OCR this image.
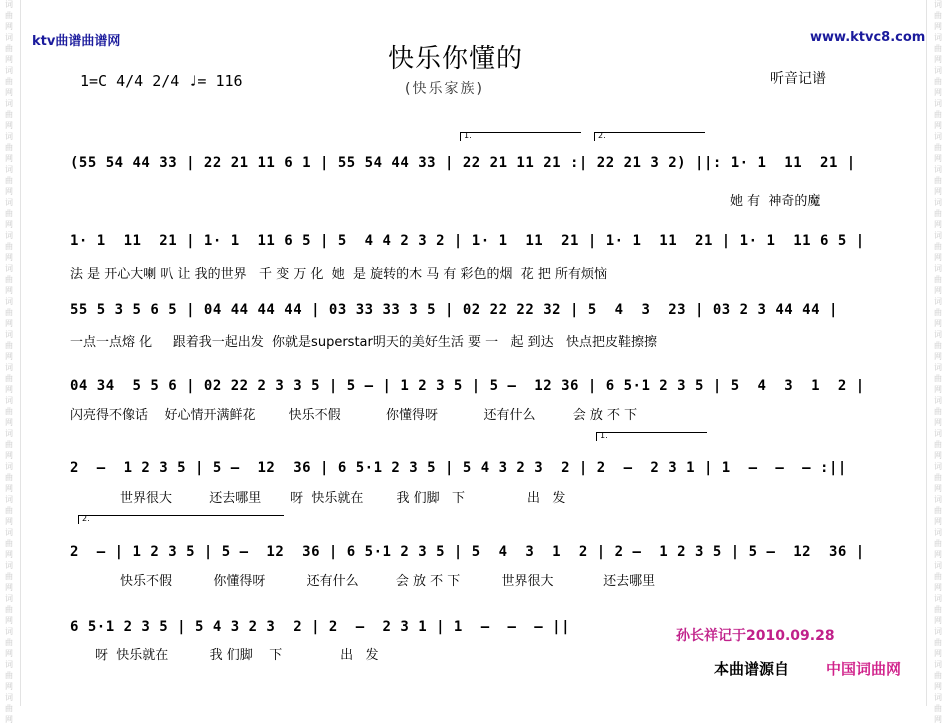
词
曲
网
词
曲
网
词
曲
网
词
曲
网
词
曲
网
词
曲
网
词
曲
网
词
曲
网
词
曲
网
词
曲
网
词
曲
网
词
曲
网
词
曲
网
词
曲
网
词
曲
网
词
曲
网
词
曲
网
词
曲
网
词
曲
网
词
曲
网
词
曲
网
词
曲
网
词
曲
网
词
曲
网
词
曲
网
词
曲
网
词
曲
网
词
曲
网
词
曲
网
词
曲
网
词
曲
网
词
曲
网
词
曲
网
词
曲
网
词
曲
网
词
曲
网
词
曲
网
词
曲
网
词
曲
网
词
曲
网
词
曲
网
词
曲
网
词
曲
网
词
曲
网
ktv曲谱曲谱网	www.ktvc8.com
快乐你懂的
(快乐家族)
1=C 4/4 2/4 ♩= 116	听音记谱
1.	2.
1.
2.
(55 54 44 33 | 22 21 11 6 1 | 55 54 44 33 | 22 21 11 21 :| 22 21 3 2) ||: 1· 1  11  21 |
她 有  神奇的魔
1· 1  11  21 | 1· 1  11 6 5 | 5  4 4 2 3 2 | 1· 1  11  21 | 1· 1  11  21 | 1· 1  11 6 5 |
法 是 开心大喇 叭 让 我的世界   千 变 万 化  她  是 旋转的木 马 有 彩色的烟  花 把 所有烦恼
55 5 3 5 6 5 | 04 44 44 44 | 03 33 33 3 5 | 02 22 22 32 | 5  4  3  23 | 03 2 3 44 44 |
一点一点熔 化     跟着我一起出发  你就是superstar明天的美好生活 要 一   起 到达   快点把皮鞋擦擦
04 34  5 5 6 | 02 22 2 3 3 5 | 5 — | 1 2 3 5 | 5 —  12 36 | 6 5·1 2 3 5 | 5  4  3  1  2 |
闪亮得不像话    好心情开满鲜花        快乐不假           你懂得呀           还有什么         会 放 不 下
2  —  1 2 3 5 | 5 —  12  36 | 6 5·1 2 3 5 | 5 4 3 2 3  2 | 2  —  2 3 1 | 1  —  —  — :||
世界很大         还去哪里       呀  快乐就在        我 们脚   下               出   发
2  — | 1 2 3 5 | 5 —  12  36 | 6 5·1 2 3 5 | 5  4  3  1  2 | 2 —  1 2 3 5 | 5 —  12  36 |
快乐不假          你懂得呀          还有什么         会 放 不 下          世界很大            还去哪里
6 5·1 2 3 5 | 5 4 3 2 3  2 | 2  —  2 3 1 | 1  —  —  — ||
呀  快乐就在          我 们脚    下              出   发
孙长祥记于2010.09.28
本曲谱源自 中国词曲网
